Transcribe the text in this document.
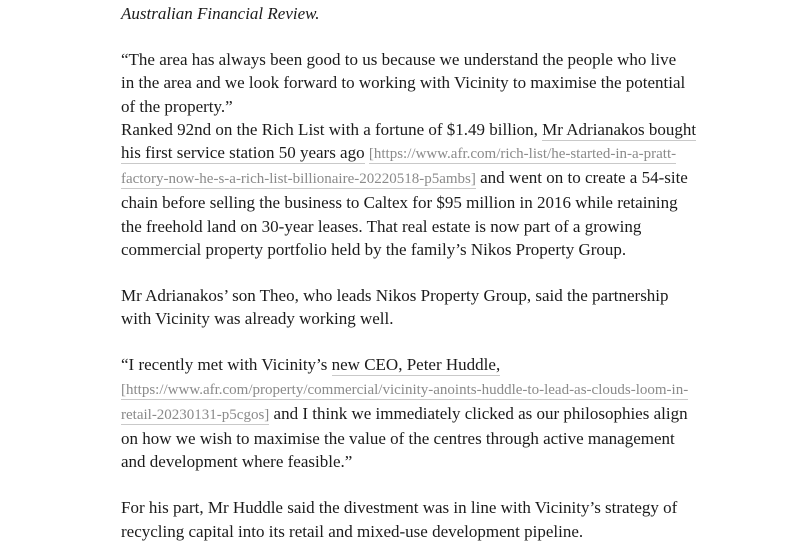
Australian Financial Review.
“The area has always been good to us because we understand the people who live
in the area and we look forward to working with Vicinity to maximise the potential
of the property.”
Ranked 92nd on the Rich List with a fortune of $1.49 billion, Mr Adrianakos bought
his first service station 50 years ago [https://www.afr.com/rich-list/he-started-in-a-pratt-
factory-now-he-s-a-rich-list-billionaire-20220518-p5ambs] and went on to create a 54-site
chain before selling the business to Caltex for $95 million in 2016 while retaining
the freehold land on 30-year leases. That real estate is now part of a growing
commercial property portfolio held by the family’s Nikos Property Group.
Mr Adrianakos’ son Theo, who leads Nikos Property Group, said the partnership
with Vicinity was already working well.
“I recently met with Vicinity’s new CEO, Peter Huddle,
[https://www.afr.com/property/commercial/vicinity-anoints-huddle-to-lead-as-clouds-loom-in-
retail-20230131-p5cgos] and I think we immediately clicked as our philosophies align
on how we wish to maximise the value of the centres through active management
and development where feasible.”
For his part, Mr Huddle said the divestment was in line with Vicinity’s strategy of
recycling capital into its retail and mixed-use development pipeline.
